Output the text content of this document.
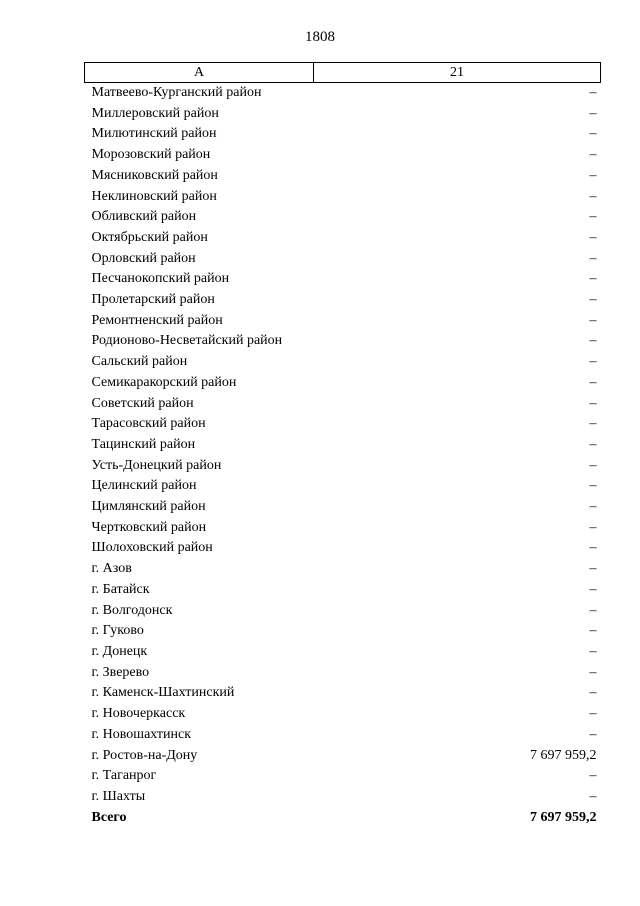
1808
А	21
Матвеево-Курганский район	–
Миллеровский район	–
Милютинский район	–
Морозовский район	–
Мясниковский район	–
Неклиновский район	–
Обливский район	–
Октябрьский район	–
Орловский район	–
Песчанокопский район	–
Пролетарский район	–
Ремонтненский район	–
Родионово-Несветайский район	–
Сальский район	–
Семикаракорский район	–
Советский район	–
Тарасовский район	–
Тацинский район	–
Усть-Донецкий район	–
Целинский район	–
Цимлянский район	–
Чертковский район	–
Шолоховский район	–
г. Азов	–
г. Батайск	–
г. Волгодонск	–
г. Гуково	–
г. Донецк	–
г. Зверево	–
г. Каменск-Шахтинский	–
г. Новочеркасск	–
г. Новошахтинск	–
г. Ростов-на-Дону	7 697 959,2
г. Таганрог	–
г. Шахты	–
Всего	7 697 959,2
